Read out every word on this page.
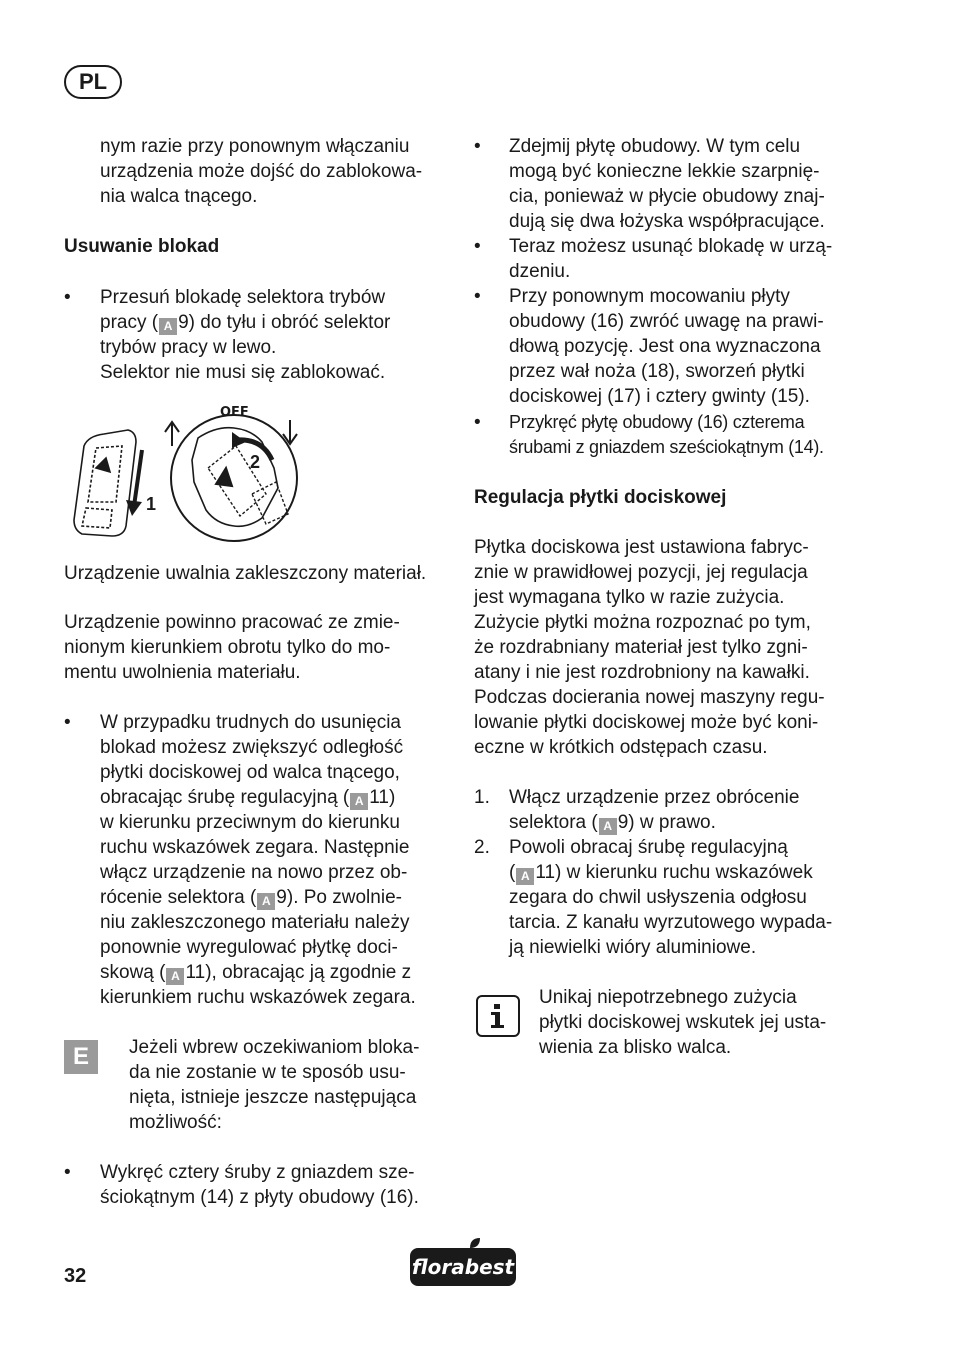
PL
nym razie przy ponownym włączaniu
urządzenia może dojść do zablokowa-
nia walca tnącego.
Usuwanie blokad
• Przesuń blokadę selektora trybów
pracy ( A 9) do tyłu i obróć selektor
trybów pracy w lewo.
Selektor nie musi się zablokować.
1
OFF
2
Urządzenie uwalnia zakleszczony materiał.
Urządzenie powinno pracować ze zmie-
nionym kierunkiem obrotu tylko do mo-
mentu uwolnienia materiału.
• W przypadku trudnych do usunięcia
blokad możesz zwiększyć odległość
płytki dociskowej od walca tnącego,
obracając śrubę regulacyjną ( A 11)
w kierunku przeciwnym do kierunku
ruchu wskazówek zegara. Następnie
włącz urządzenie na nowo przez ob-
rócenie selektora ( A 9). Po zwolnie-
niu zakleszczonego materiału należy
ponownie wyregulować płytkę doci-
skową ( A 11), obracając ją zgodnie z
kierunkiem ruchu wskazówek zegara.
E	Jeżeli wbrew oczekiwaniom bloka-
da nie zostanie w te sposób usu-
nięta, istnieje jeszcze następująca
możliwość:
• Wykręć cztery śruby z gniazdem sze-
ściokątnym (14) z płyty obudowy (16).
• Zdejmij płytę obudowy. W tym celu
mogą być konieczne lekkie szarpnię-
cia, ponieważ w płycie obudowy znaj-
dują się dwa łożyska współpracujące.
• Teraz możesz usunąć blokadę w urzą-
dzeniu.
• Przy ponownym mocowaniu płyty
obudowy (16) zwróć uwagę na prawi-
dłową pozycję. Jest ona wyznaczona
przez wał noża (18), sworzeń płytki
dociskowej (17) i cztery gwinty (15).
• Przykręć płytę obudowy (16) czterema
śrubami z gniazdem sześciokątnym (14).
Regulacja płytki dociskowej
Płytka dociskowa jest ustawiona fabryc-
znie w prawidłowej pozycji, jej regulacja
jest wymagana tylko w razie zużycia.
Zużycie płytki można rozpoznać po tym,
że rozdrabniany materiał jest tylko zgni-
atany i nie jest rozdrobniony na kawałki.
Podczas docierania nowej maszyny regu-
lowanie płytki dociskowej może być koni-
eczne w krótkich odstępach czasu.
1. Włącz urządzenie przez obrócenie
selektora ( A 9) w prawo.
2. Powoli obracaj śrubę regulacyjną
( A 11) w kierunku ruchu wskazówek
zegara do chwil usłyszenia odgłosu
tarcia. Z kanału wyrzutowego wypada-
ją niewielki wióry aluminiowe.
Unikaj niepotrzebnego zużycia
płytki dociskowej wskutek jej usta-
wienia za blisko walca.
32	florabest
